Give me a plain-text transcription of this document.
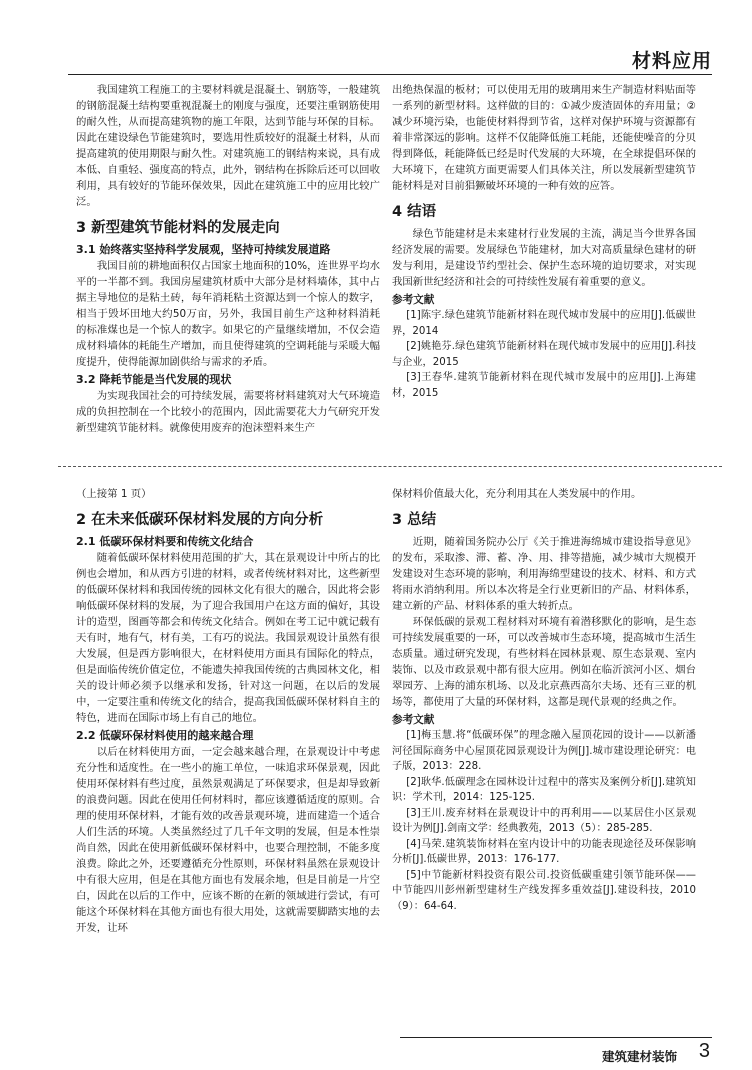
材料应用

我国建筑工程施工的主要材料就是混凝土、钢筋等，一般建筑的钢筋混凝土结构要重视混凝土的刚度与强度，还要注重钢筋使用的耐久性，从而提高建筑物的施工年限，达到节能与环保的目标。因此在建设绿色节能建筑时，要选用性质较好的混凝土材料，从而提高建筑的使用期限与耐久性。对建筑施工的钢结构来说，具有成本低、自重轻、强度高的特点，此外，钢结构在拆除后还可以回收利用，具有较好的节能环保效果，因此在建筑施工中的应用比较广泛。

3 新型建筑节能材料的发展走向
3.1 始终落实坚持科学发展观，坚持可持续发展道路

我国目前的耕地面积仅占国家土地面积的10%，连世界平均水平的一半都不到。我国房屋建筑材质中大部分是材料墙体，其中占据主导地位的是粘土砖，每年消耗粘土资源达到一个惊人的数字，相当于毁坏田地大约50万亩，另外，我国目前生产这种材料消耗的标准煤也是一个惊人的数字。如果它的产量继续增加，不仅会造成材料墙体的耗能生产增加，而且使得建筑的空调耗能与采暖大幅度提升，使得能源加剧供给与需求的矛盾。

3.2 降耗节能是当代发展的现状

为实现我国社会的可持续发展，需要将材料建筑对大气环境造成的负担控制在一个比较小的范围内，因此需要花大力气研究开发新型建筑节能材料。就像使用废弃的泡沫塑料来生产

出绝热保温的板材；可以使用无用的玻璃用来生产制造材料贴面等一系列的新型材料。这样做的目的：①减少废渣固体的弃用量；②减少环境污染，也能使材料得到节省，这样对保护环境与资源都有着非常深远的影响。这样不仅能降低施工耗能，还能使噪音的分贝得到降低，耗能降低已经是时代发展的大环境，在全球提倡环保的大环境下，在建筑方面更需要人们具体关注，所以发展新型建筑节能材料是对目前猖獗破坏环境的一种有效的应答。

4 结语

绿色节能建材是未来建材行业发展的主流，满足当今世界各国经济发展的需要。发展绿色节能建材，加大对高质量绿色建材的研发与利用，是建设节约型社会、保护生态环境的迫切要求，对实现我国新世纪经济和社会的可持续性发展有着重要的意义。

参考文献

[1]陈宇.绿色建筑节能新材料在现代城市发展中的应用[J].低碳世界，2014

[2]姚艳芬.绿色建筑节能新材料在现代城市发展中的应用[J].科技与企业，2015

[3]王春华.建筑节能新材料在现代城市发展中的应用[J].上海建材，2015

（上接第 1 页）
2 在未来低碳环保材料发展的方向分析
2.1 低碳环保材料要和传统文化结合

随着低碳环保材料使用范围的扩大，其在景观设计中所占的比例也会增加，和从西方引进的材料，或者传统材料对比，这些新型的低碳环保材料和我国传统的园林文化有很大的融合，因此将会影响低碳环保材料的发展，为了迎合我国用户在这方面的偏好，其设计的造型，图画等都会和传统文化结合。例如在考工记中就记载有天有时，地有气，材有美，工有巧的说法。我国景观设计虽然有很大发展，但是西方影响很大，在材料使用方面具有国际化的特点，但是面临传统价值定位，不能遗失掉我国传统的古典园林文化，相关的设计师必须予以继承和发扬，针对这一问题，在以后的发展中，一定要注重和传统文化的结合，提高我国低碳环保材料自主的特色，进而在国际市场上有自己的地位。

2.2 低碳环保材料使用的越来越合理

以后在材料使用方面，一定会越来越合理，在景观设计中考虑充分性和适度性。在一些小的施工单位，一味追求环保景观，因此使用环保材料有些过度，虽然景观满足了环保要求，但是却导致新的浪费问题。因此在使用任何材料时，都应该遵循适度的原则。合理的使用环保材料，才能有效的改善景观环境，进而建造一个适合人们生活的环境。人类虽然经过了几千年文明的发展，但是本性崇尚自然，因此在使用新低碳环保材料中，也要合理控制，不能多度浪费。除此之外，还要遵循充分性原则，环保材料虽然在景观设计中有很大应用，但是在其他方面也有发展余地，但是目前是一片空白，因此在以后的工作中，应该不断的在新的领域进行尝试，有可能这个环保材料在其他方面也有很大用处，这就需要脚踏实地的去开发，让环

保材料价值最大化，充分利用其在人类发展中的作用。

3 总结

近期，随着国务院办公厅《关于推进海绵城市建设指导意见》的发布，采取渗、滞、蓄、净、用、排等措施，减少城市大规模开发建设对生态环境的影响，利用海绵型建设的技术、材料、和方式将雨水消纳利用。所以本次将是全行业更新旧的产品、材料体系，建立新的产品、材料体系的重大转折点。

环保低碳的景观工程材料对环境有着潜移默化的影响，是生态可持续发展重要的一环，可以改善城市生态环境，提高城市生活生态质量。通过研究发现，有些材料在园林景观、原生态景观、室内装饰、以及市政景观中都有很大应用。例如在临沂滨河小区、烟台翠园芳、上海的浦东机场、以及北京燕西高尔夫场、还有三亚的机场等，都使用了大量的环保材料，这都是现代景观的经典之作。

参考文献

[1]梅玉慧.将“低碳环保”的理念融入屋顶花园的设计——以新潘河径国际商务中心屋顶花园景观设计为例[J].城市建设理论研究：电子版，2013：228.

[2]耿华.低碳理念在园林设计过程中的落实及案例分析[J].建筑知识：学术刊，2014：125-125.

[3]王川.废弃材料在景观设计中的再利用——以某居住小区景观设计为例[J].剑南文学：经典教苑，2013（5）：285-285.

[4]马荣.建筑装饰材料在室内设计中的功能表现途径及环保影响分析[J].低碳世界，2013：176-177.

[5]中节能新材料投资有限公司.投资低碳重建引领节能环保——中节能四川彭州新型建材生产线发挥多重效益[J].建设科技，2010（9）：64-64.

建筑建材装饰 3
